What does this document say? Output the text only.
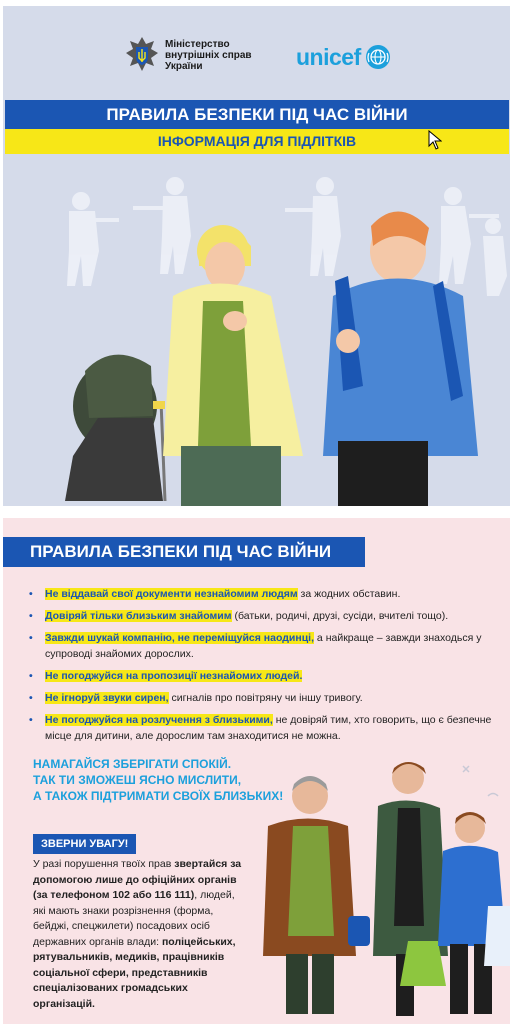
Міністерство
внутрішніх справ
України	unicef
ПРАВИЛА БЕЗПЕКИ ПІД ЧАС ВІЙНИ
ІНФОРМАЦІЯ ДЛЯ ПІДЛІТКІВ
ПРАВИЛА БЕЗПЕКИ ПІД ЧАС ВІЙНИ
• Не віддавай свої документи незнайомим людям за жодних обставин.
• Довіряй тільки близьким знайомим (батьки, родичі, друзі, сусіди, вчителі тощо).
• Завжди шукай компанію, не переміщуйся наодинці, а найкраще – завжди знаходься у супроводі знайомих дорослих.
• Не погоджуйся на пропозиції незнайомих людей.
• Не ігноруй звуки сирен, сигналів про повітряну чи іншу тривогу.
• Не погоджуйся на розлучення з близькими, не довіряй тим, хто говорить, що є безпечне місце для дитини, але дорослим там знаходитися не можна.
НАМАГАЙСЯ ЗБЕРІГАТИ СПОКІЙ.
ТАК ТИ ЗМОЖЕШ ЯСНО МИСЛИТИ,
А ТАКОЖ ПІДТРИМАТИ СВОЇХ БЛИЗЬКИХ!
ЗВЕРНИ УВАГУ!
У разі порушення твоїх прав звертайся за допомогою лише до офіційних органів (за телефоном 102 або 116 111), людей, які мають знаки розрізнення (форма, бейджі, спецжилети) посадових осіб державних органів влади: поліцейських, рятувальників, медиків, працівників соціальної сфери, представників спеціалізованих громадських організацій.
